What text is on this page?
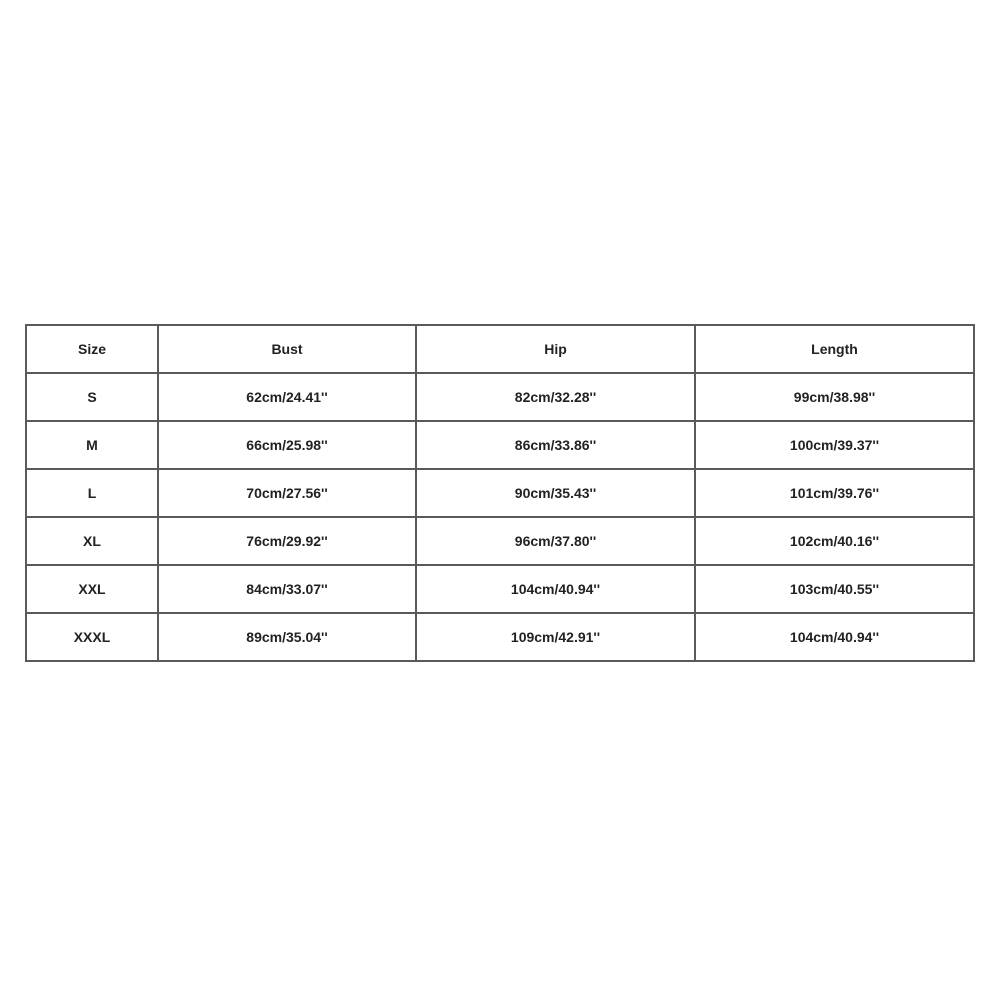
Size	Bust	Hip	Length
S	62cm/24.41''	82cm/32.28''	99cm/38.98''
M	66cm/25.98''	86cm/33.86''	100cm/39.37''
L	70cm/27.56''	90cm/35.43''	101cm/39.76''
XL	76cm/29.92''	96cm/37.80''	102cm/40.16''
XXL	84cm/33.07''	104cm/40.94''	103cm/40.55''
XXXL	89cm/35.04''	109cm/42.91''	104cm/40.94''
